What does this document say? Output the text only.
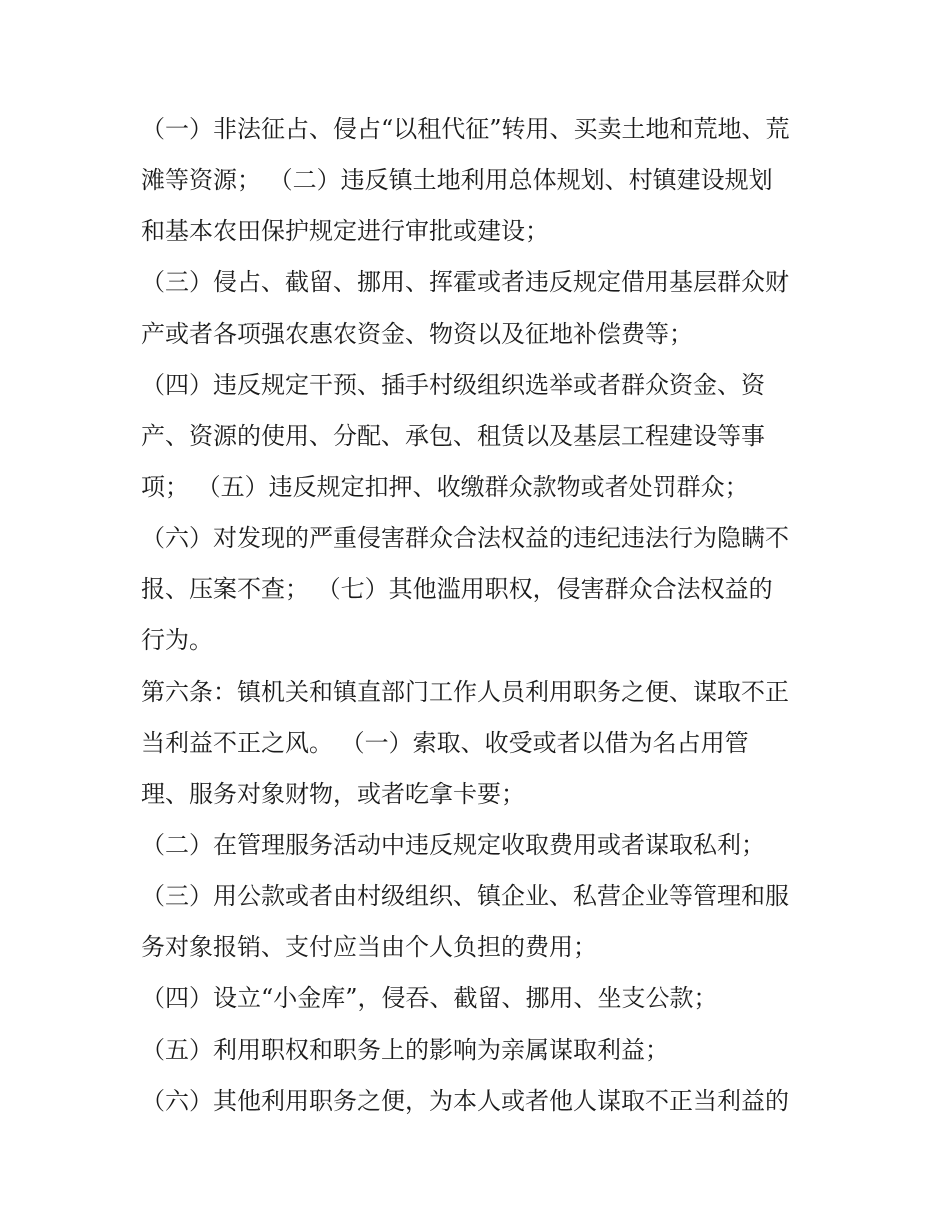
（一）非法征占、侵占“以租代征”转用、买卖土地和荒地、荒
滩等资源； （二）违反镇土地利用总体规划、村镇建设规划
和基本农田保护规定进行审批或建设；
（三）侵占、截留、挪用、挥霍或者违反规定借用基层群众财
产或者各项强农惠农资金、物资以及征地补偿费等；
（四）违反规定干预、插手村级组织选举或者群众资金、资
产、资源的使用、分配、承包、租赁以及基层工程建设等事
项； （五）违反规定扣押、收缴群众款物或者处罚群众；
（六）对发现的严重侵害群众合法权益的违纪违法行为隐瞒不
报、压案不查； （七）其他滥用职权，侵害群众合法权益的
行为。
第六条：镇机关和镇直部门工作人员利用职务之便、谋取不正
当利益不正之风。 （一）索取、收受或者以借为名占用管
理、服务对象财物，或者吃拿卡要；
（二）在管理服务活动中违反规定收取费用或者谋取私利；
（三）用公款或者由村级组织、镇企业、私营企业等管理和服
务对象报销、支付应当由个人负担的费用；
（四）设立“小金库”，侵吞、截留、挪用、坐支公款；
（五）利用职权和职务上的影响为亲属谋取利益；
（六）其他利用职务之便，为本人或者他人谋取不正当利益的
